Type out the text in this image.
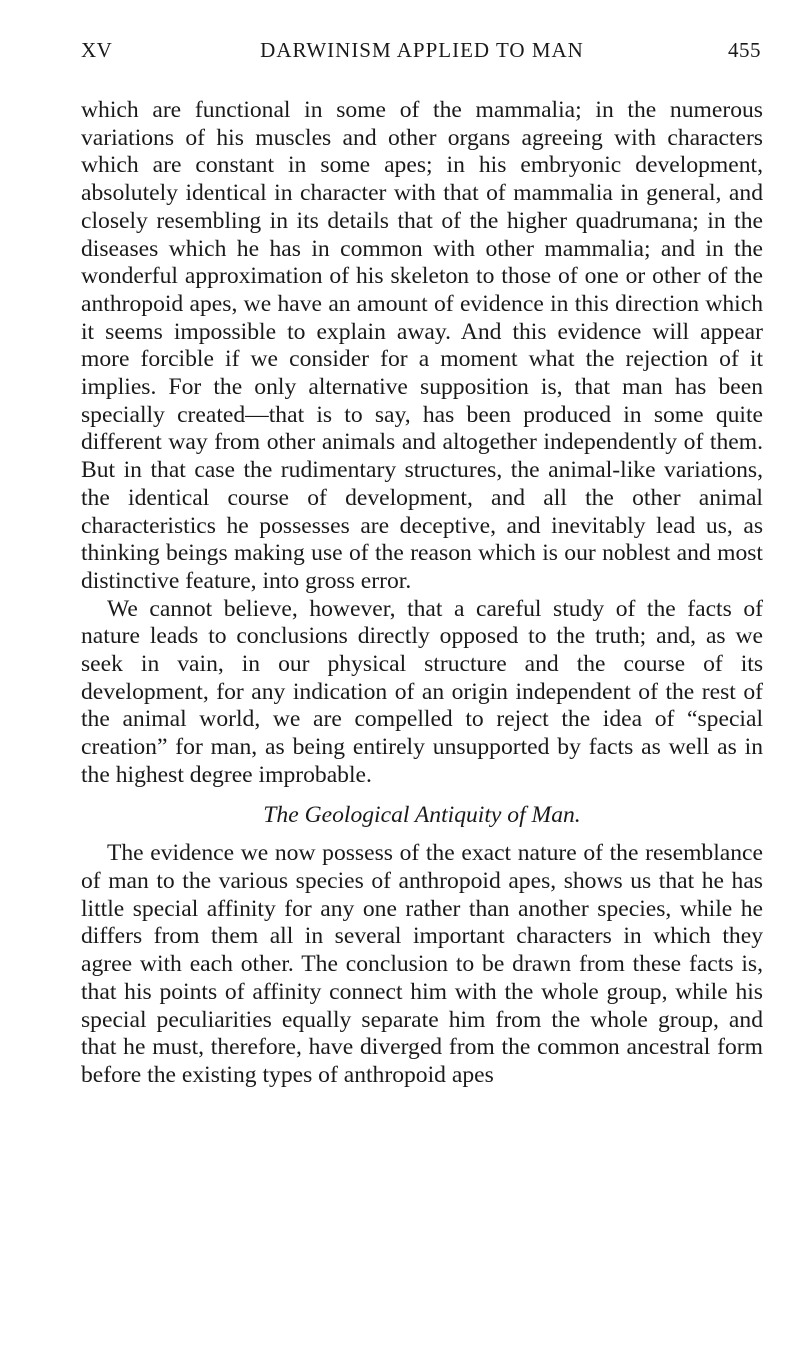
XV	DARWINISM APPLIED TO MAN	455

which are functional in some of the mammalia; in the numerous variations of his muscles and other organs agreeing with characters which are constant in some apes; in his embryonic development, absolutely identical in character with that of mammalia in general, and closely resembling in its details that of the higher quadrumana; in the diseases which he has in common with other mammalia; and in the wonderful approximation of his skeleton to those of one or other of the anthropoid apes, we have an amount of evidence in this direction which it seems impossible to explain away. And this evidence will appear more forcible if we consider for a moment what the rejection of it implies. For the only alternative supposition is, that man has been specially created—that is to say, has been produced in some quite different way from other animals and altogether independently of them. But in that case the rudimentary structures, the animal-like variations, the identical course of development, and all the other animal characteristics he possesses are deceptive, and inevitably lead us, as thinking beings making use of the reason which is our noblest and most distinctive feature, into gross error.

We cannot believe, however, that a careful study of the facts of nature leads to conclusions directly opposed to the truth; and, as we seek in vain, in our physical structure and the course of its development, for any indication of an origin independent of the rest of the animal world, we are compelled to reject the idea of “special creation” for man, as being entirely unsupported by facts as well as in the highest degree improbable.

The Geological Antiquity of Man.

The evidence we now possess of the exact nature of the resemblance of man to the various species of anthropoid apes, shows us that he has little special affinity for any one rather than another species, while he differs from them all in several important characters in which they agree with each other. The conclusion to be drawn from these facts is, that his points of affinity connect him with the whole group, while his special peculiarities equally separate him from the whole group, and that he must, therefore, have diverged from the common ancestral form before the existing types of anthropoid apes
